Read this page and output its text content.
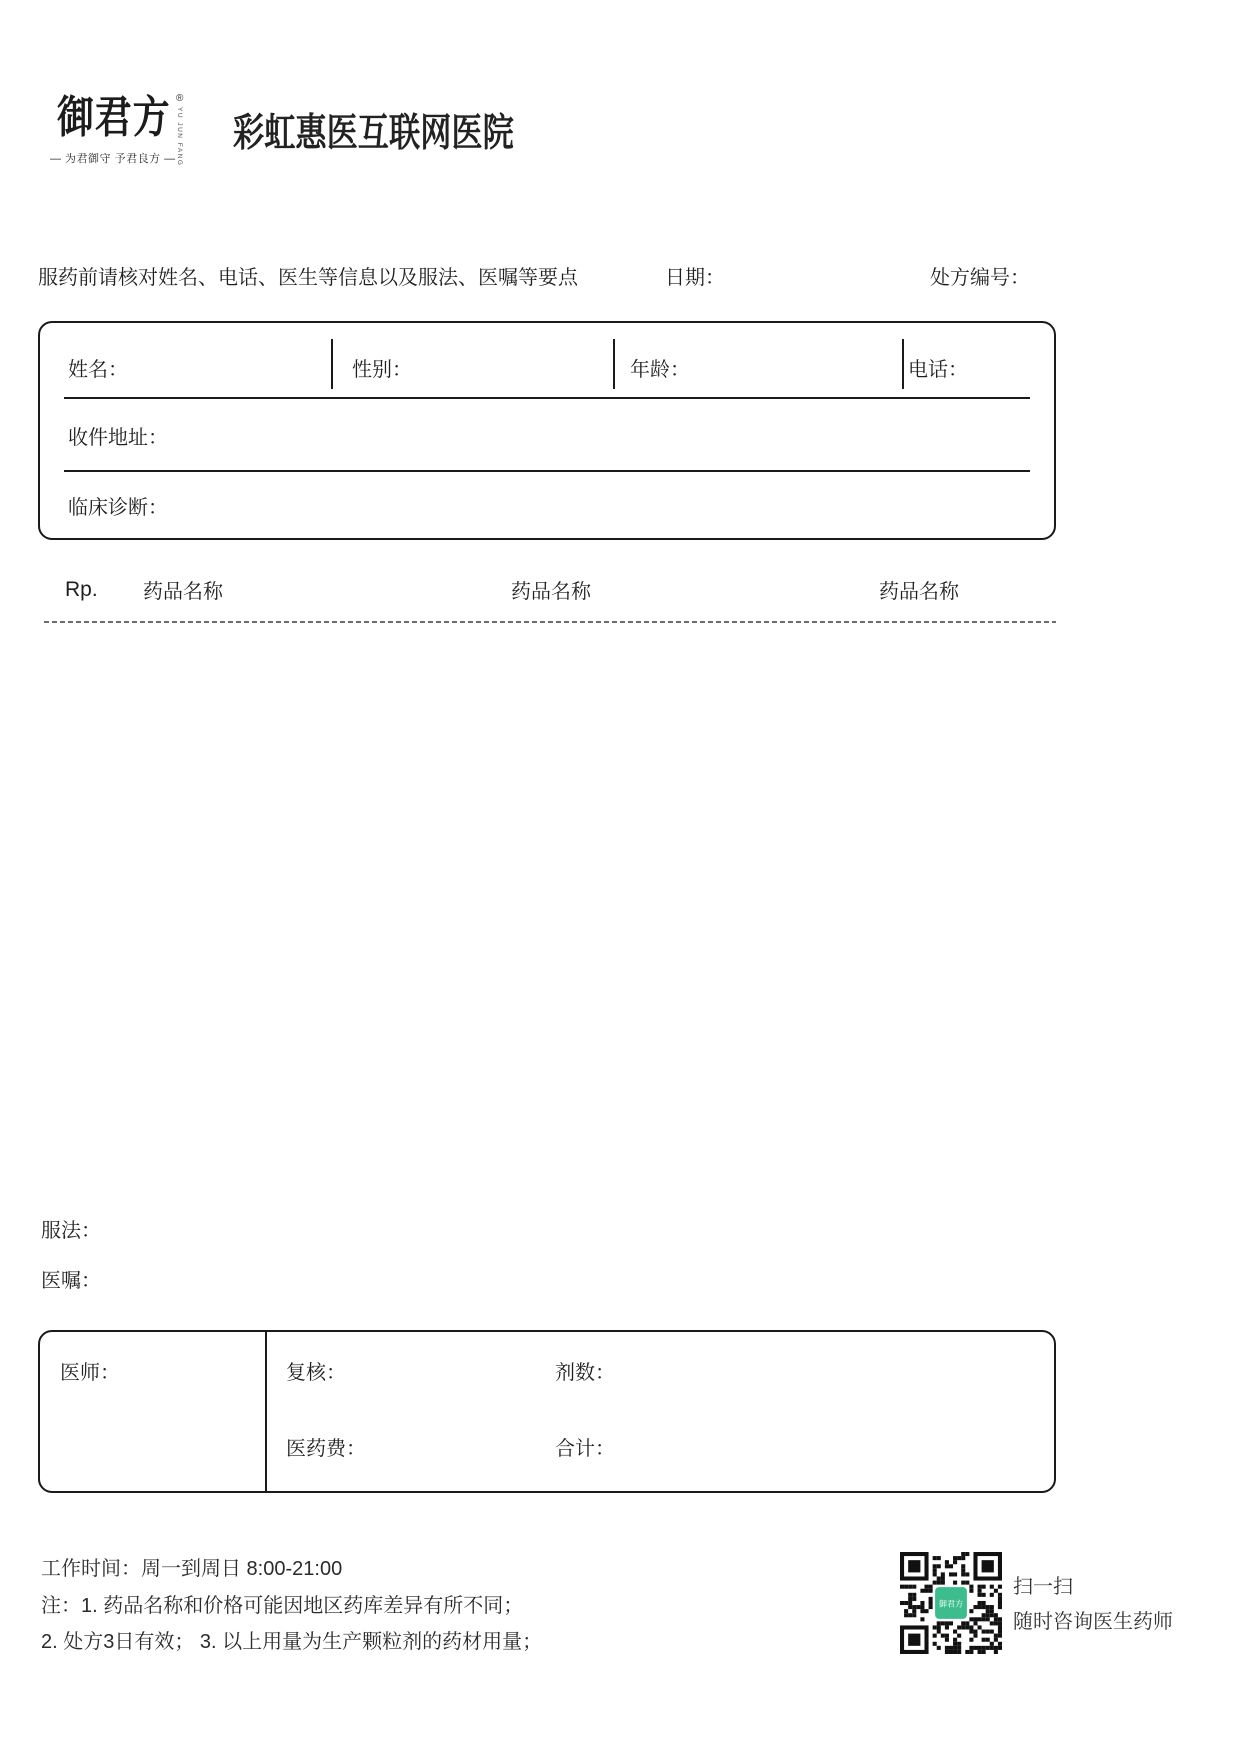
御君方 ®
YU JUN FANG
— 为君御守 予君良方 —
彩虹惠医互联网医院
服药前请核对姓名、电话、医生等信息以及服法、医嘱等要点	日期：	处方编号：
姓名：	性别：	年龄：	电话：
收件地址：
临床诊断：
Rp. 药品名称	药品名称	药品名称
服法：
医嘱：
医师：	复核：	剂数：
医药费：	合计：
工作时间：周一到周日 8:00-21:00
注：1. 药品名称和价格可能因地区药库差异有所不同；
2. 处方3日有效； 3. 以上用量为生产颗粒剂的药材用量；
御君方
扫一扫
随时咨询医生药师
